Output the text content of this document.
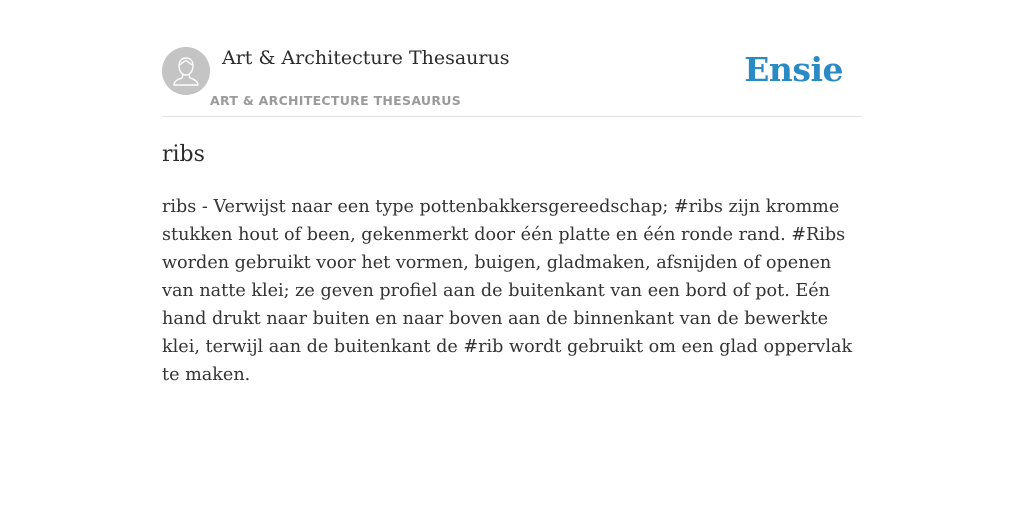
Art & Architecture Thesaurus
ART & ARCHITECTURE THESAURUS
Ensie
ribs

ribs - Verwijst naar een type pottenbakkersgereedschap; #ribs zijn kromme stukken hout of been, gekenmerkt door één platte en één ronde rand. #Ribs worden gebruikt voor het vormen, buigen, gladmaken, afsnijden of openen van natte klei; ze geven profiel aan de buitenkant van een bord of pot. Eén hand drukt naar buiten en naar boven aan de binnenkant van de bewerkte klei, terwijl aan de buitenkant de #rib wordt gebruikt om een glad oppervlak te maken.
